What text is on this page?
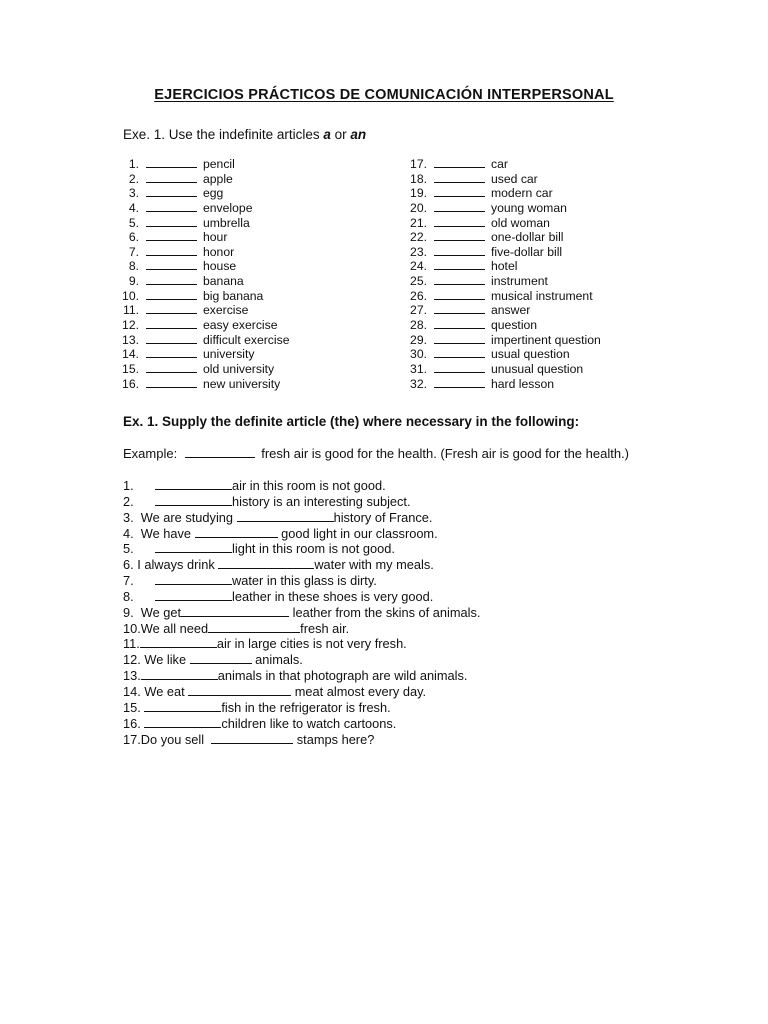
EJERCICIOS PRÁCTICOS DE COMUNICACIÓN INTERPERSONAL
Exe. 1. Use the indefinite articles a or an
1.	pencil
2.	apple
3.	egg
4.	envelope
5.	umbrella
6.	hour
7.	honor
8.	house
9.	banana
10.	big banana
11.	exercise
12.	easy exercise
13.	difficult exercise
14.	university
15.	old university
16.	new university
17.	car
18.	used car
19.	modern car
20.	young woman
21.	old woman
22.	one-dollar bill
23.	five-dollar bill
24.	hotel
25.	instrument
26.	musical instrument
27.	answer
28.	question
29.	impertinent question
30.	usual question
31.	unusual question
32.	hard lesson
Ex. 1. Supply the definite article (the) where necessary in the following:
Example:	fresh air is good for the health. (Fresh air is good for the health.)
1.	air in this room is not good.
2.	history is an interesting subject.
3.  We are studying	history of France.
4.  We have	good light in our classroom.
5.	light in this room is not good.
6. I always drink	water with my meals.
7.	water in this glass is dirty.
8.	leather in these shoes is very good.
9.  We get	leather from the skins of animals.
10.We all need	fresh air.
11.	air in large cities is not very fresh.
12. We like	animals.
13.	animals in that photograph are wild animals.
14. We eat	meat almost every day.
15.	fish in the refrigerator is fresh.
16.	children like to watch cartoons.
17.Do you sell	stamps here?
